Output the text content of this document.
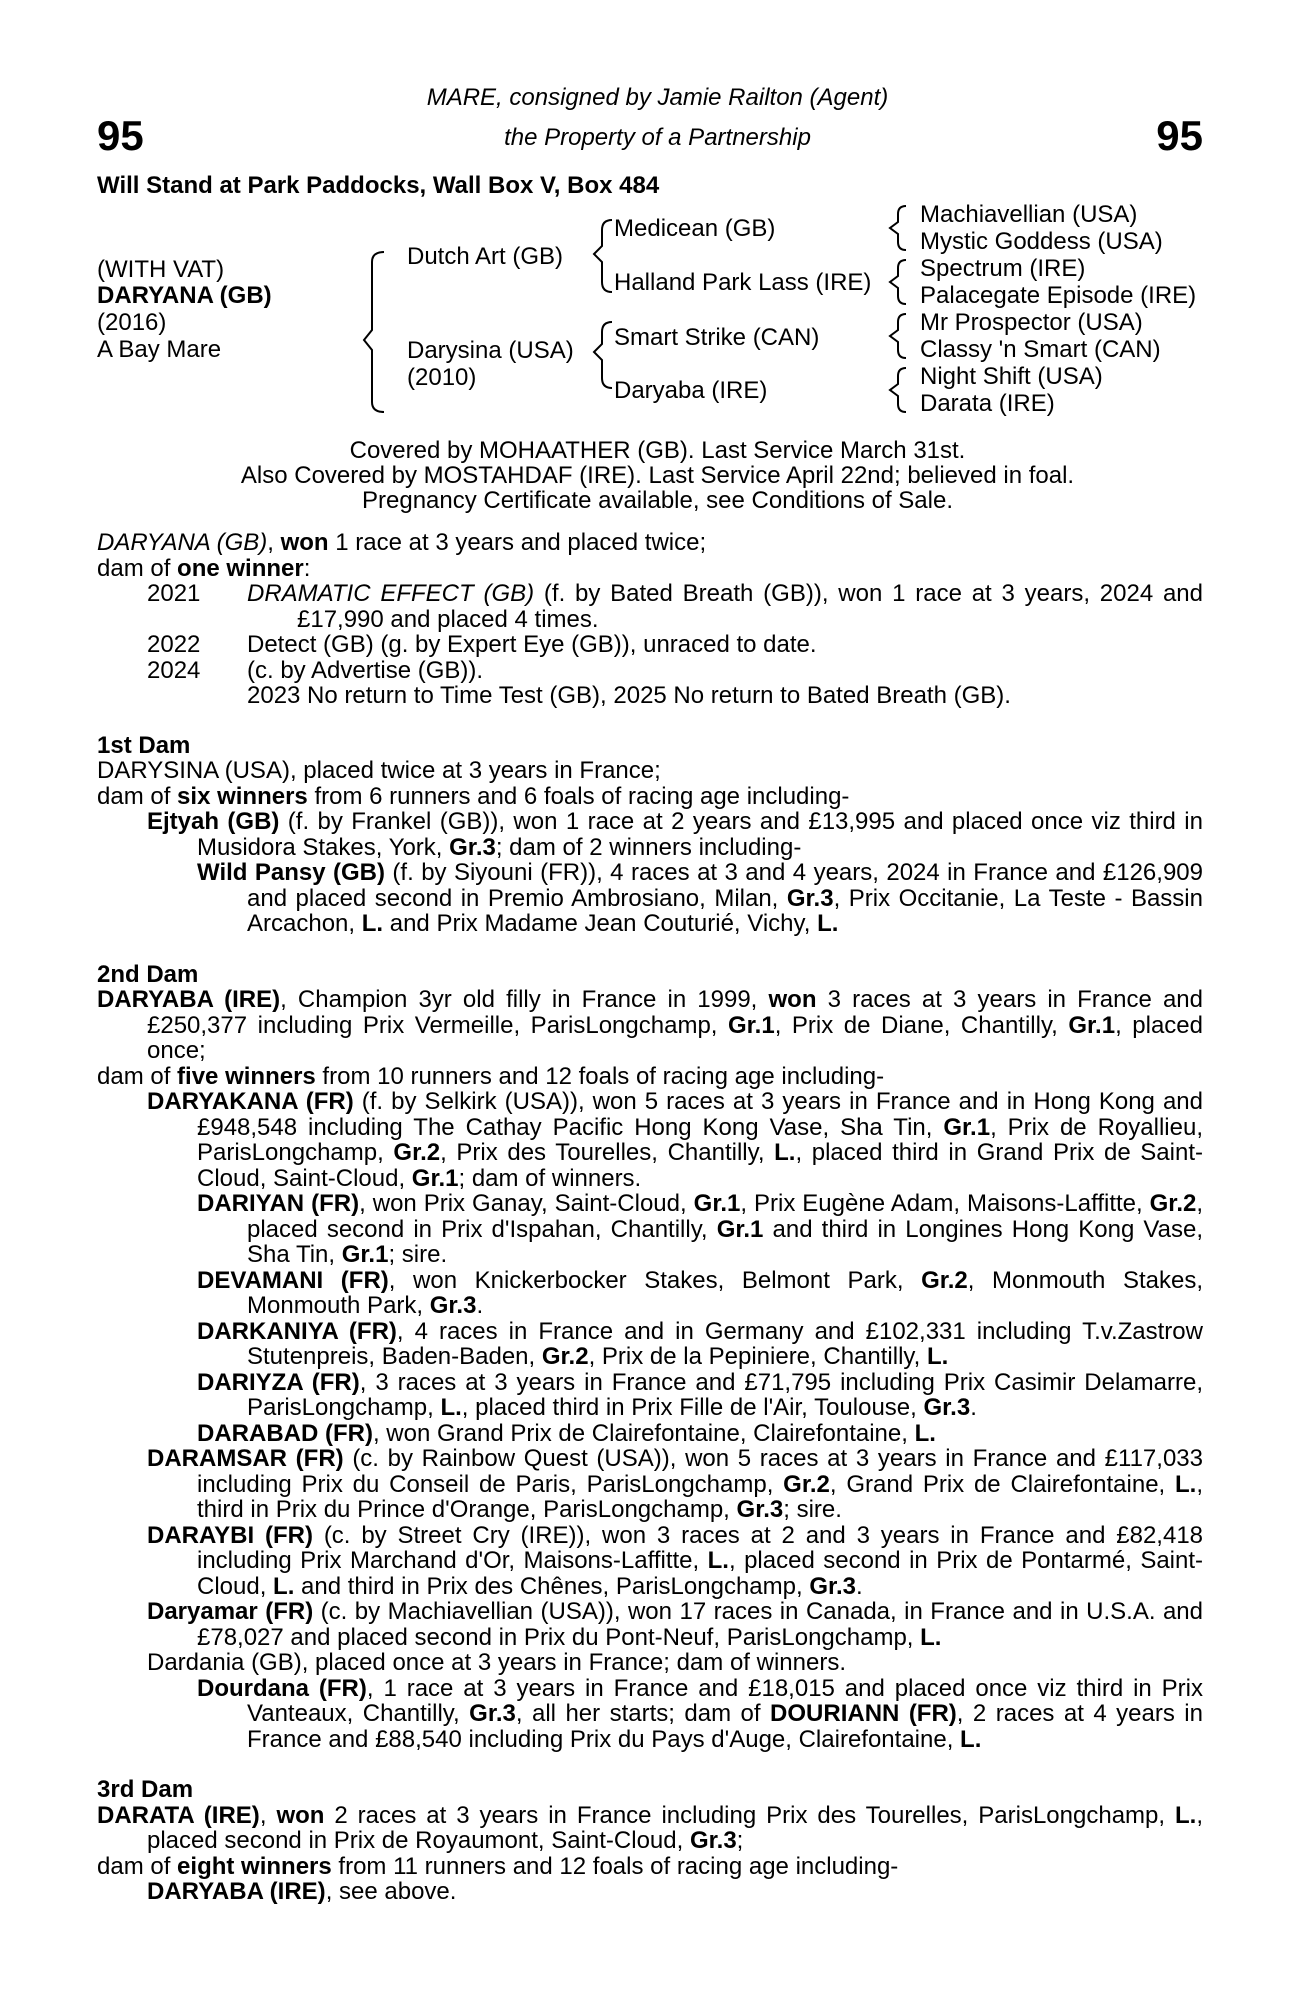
95	95
MARE, consigned by Jamie Railton (Agent)
the Property of a Partnership
Will Stand at Park Paddocks, Wall Box V, Box 484
(WITH VAT)
DARYANA (GB)
(2016)
A Bay Mare
Dutch Art (GB)
Darysina (USA)
(2010)
Medicean (GB)
Halland Park Lass (IRE)
Smart Strike (CAN)
Daryaba (IRE)
Machiavellian (USA)
Mystic Goddess (USA)
Spectrum (IRE)
Palacegate Episode (IRE)
Mr Prospector (USA)
Classy 'n Smart (CAN)
Night Shift (USA)
Darata (IRE)
Covered by MOHAATHER (GB). Last Service March 31st.
Also Covered by MOSTAHDAF (IRE). Last Service April 22nd; believed in foal.
Pregnancy Certificate available, see Conditions of Sale.

DARYANA (GB), won 1 race at 3 years and placed twice;

dam of one winner:

2021	DRAMATIC EFFECT (GB) (f. by Bated Breath (GB)), won 1 race at 3 years, 2024 and £17,990 and placed 4 times.
2022	Detect (GB) (g. by Expert Eye (GB)), unraced to date.
2024	(c. by Advertise (GB)).
2023 No return to Time Test (GB), 2025 No return to Bated Breath (GB).

1st Dam

DARYSINA (USA), placed twice at 3 years in France;

dam of six winners from 6 runners and 6 foals of racing age including-

Ejtyah (GB) (f. by Frankel (GB)), won 1 race at 2 years and £13,995 and placed once viz third in Musidora Stakes, York, Gr.3; dam of 2 winners including-

Wild Pansy (GB) (f. by Siyouni (FR)), 4 races at 3 and 4 years, 2024 in France and £126,909 and placed second in Premio Ambrosiano, Milan, Gr.3, Prix Occitanie, La Teste - Bassin Arcachon, L. and Prix Madame Jean Couturié, Vichy, L.

2nd Dam

DARYABA (IRE), Champion 3yr old filly in France in 1999, won 3 races at 3 years in France and £250,377 including Prix Vermeille, ParisLongchamp, Gr.1, Prix de Diane, Chantilly, Gr.1, placed once;

dam of five winners from 10 runners and 12 foals of racing age including-

DARYAKANA (FR) (f. by Selkirk (USA)), won 5 races at 3 years in France and in Hong Kong and £948,548 including The Cathay Pacific Hong Kong Vase, Sha Tin, Gr.1, Prix de Royallieu, ParisLongchamp, Gr.2, Prix des Tourelles, Chantilly, L., placed third in Grand Prix de Saint-Cloud, Saint-Cloud, Gr.1; dam of winners.

DARIYAN (FR), won Prix Ganay, Saint-Cloud, Gr.1, Prix Eugène Adam, Maisons-Laffitte, Gr.2, placed second in Prix d'Ispahan, Chantilly, Gr.1 and third in Longines Hong Kong Vase, Sha Tin, Gr.1; sire.

DEVAMANI (FR), won Knickerbocker Stakes, Belmont Park, Gr.2, Monmouth Stakes, Monmouth Park, Gr.3.

DARKANIYA (FR), 4 races in France and in Germany and £102,331 including T.v.Zastrow Stutenpreis, Baden-Baden, Gr.2, Prix de la Pepiniere, Chantilly, L.

DARIYZA (FR), 3 races at 3 years in France and £71,795 including Prix Casimir Delamarre, ParisLongchamp, L., placed third in Prix Fille de l'Air, Toulouse, Gr.3.

DARABAD (FR), won Grand Prix de Clairefontaine, Clairefontaine, L.

DARAMSAR (FR) (c. by Rainbow Quest (USA)), won 5 races at 3 years in France and £117,033 including Prix du Conseil de Paris, ParisLongchamp, Gr.2, Grand Prix de Clairefontaine, L., third in Prix du Prince d'Orange, ParisLongchamp, Gr.3; sire.

DARAYBI (FR) (c. by Street Cry (IRE)), won 3 races at 2 and 3 years in France and £82,418 including Prix Marchand d'Or, Maisons-Laffitte, L., placed second in Prix de Pontarmé, Saint-Cloud, L. and third in Prix des Chênes, ParisLongchamp, Gr.3.

Daryamar (FR) (c. by Machiavellian (USA)), won 17 races in Canada, in France and in U.S.A. and £78,027 and placed second in Prix du Pont-Neuf, ParisLongchamp, L.

Dardania (GB), placed once at 3 years in France; dam of winners.

Dourdana (FR), 1 race at 3 years in France and £18,015 and placed once viz third in Prix Vanteaux, Chantilly, Gr.3, all her starts; dam of DOURIANN (FR), 2 races at 4 years in France and £88,540 including Prix du Pays d'Auge, Clairefontaine, L.

3rd Dam

DARATA (IRE), won 2 races at 3 years in France including Prix des Tourelles, ParisLongchamp, L., placed second in Prix de Royaumont, Saint-Cloud, Gr.3;

dam of eight winners from 11 runners and 12 foals of racing age including-

DARYABA (IRE), see above.
